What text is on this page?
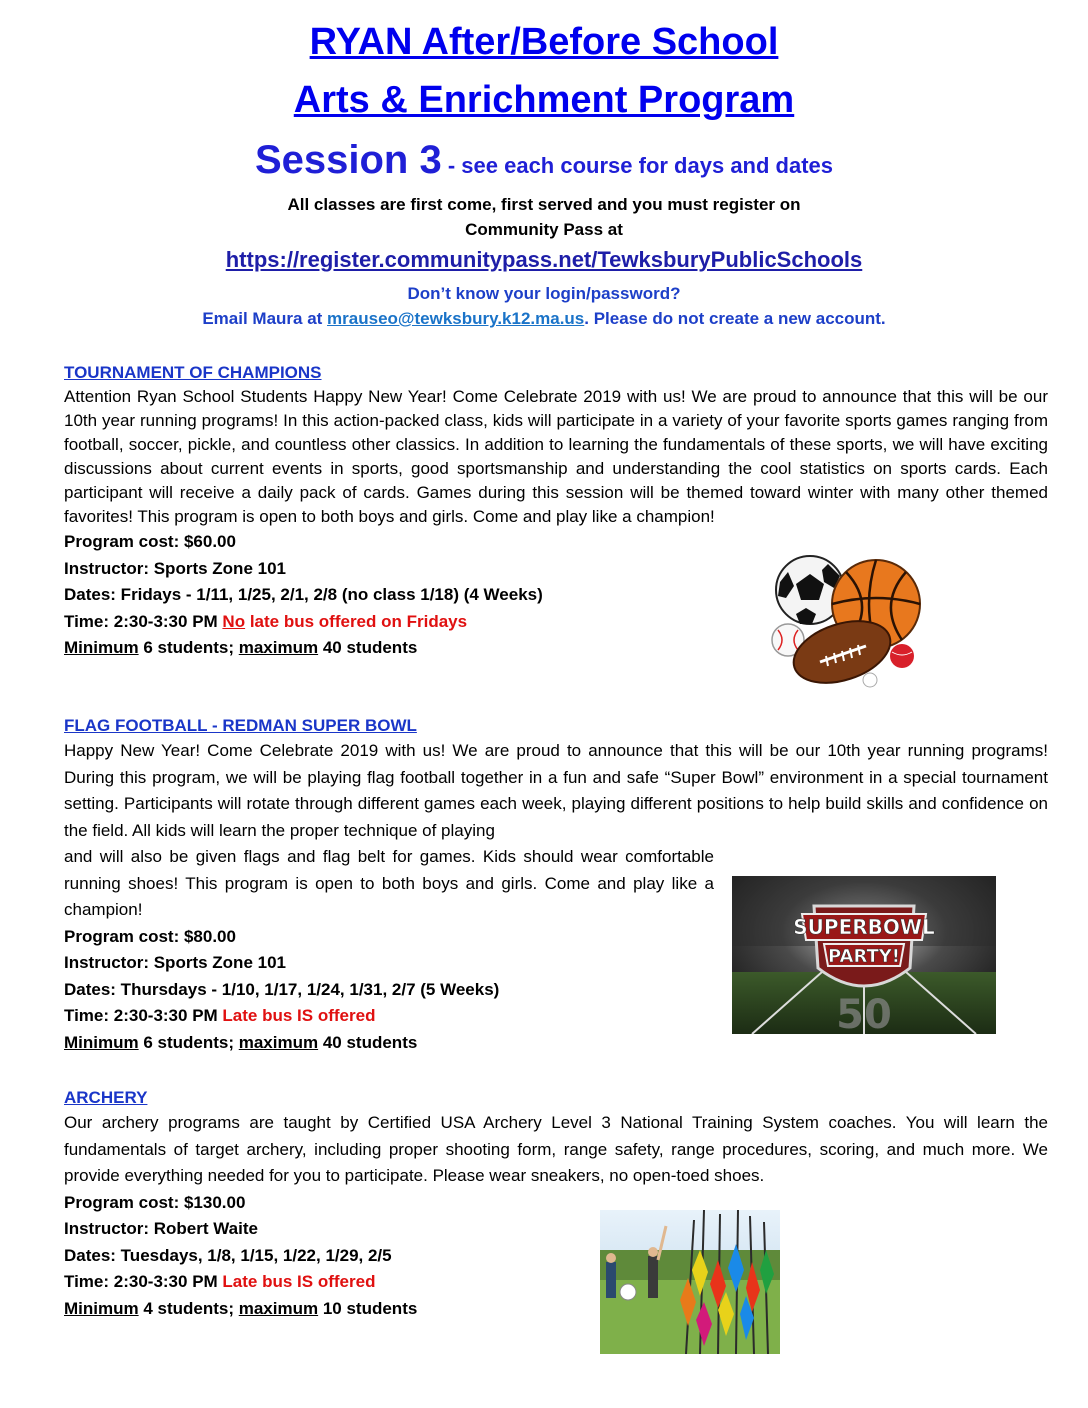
RYAN After/Before School
Arts & Enrichment Program
Session 3 - see each course for days and dates
All classes are first come, first served and you must register on
Community Pass at
https://register.communitypass.net/TewksburyPublicSchools
Don’t know your login/password?
Email Maura at mrauseo@tewksbury.k12.ma.us. Please do not create a new account.
TOURNAMENT OF CHAMPIONS
Attention Ryan School Students Happy New Year! Come Celebrate 2019 with us! We are proud to announce that this will be our 10th year running programs! In this action-packed class, kids will participate in a variety of your favorite sports games ranging from football, soccer, pickle, and countless other classics. In addition to learning the fundamentals of these sports, we will have exciting discussions about current events in sports, good sportsmanship and understanding the cool statistics on sports cards. Each participant will receive a daily pack of cards. Games during this session will be themed toward winter with many other themed favorites! This program is open to both boys and girls. Come and play like a champion!
Program cost: $60.00
Instructor: Sports Zone 101
Dates: Fridays - 1/11, 1/25, 2/1, 2/8 (no class 1/18) (4 Weeks)
Time: 2:30-3:30 PM No late bus offered on Fridays
Minimum 6 students; maximum 40 students
FLAG FOOTBALL - REDMAN SUPER BOWL
Happy New Year! Come Celebrate 2019 with us! We are proud to announce that this will be our 10th year running programs! During this program, we will be playing flag football together in a fun and safe “Super Bowl” environment in a special tournament setting. Participants will rotate through different games each week, playing different positions to help build skills and confidence on the field. All kids will learn the proper technique of playing
and will also be given flags and flag belt for games. Kids should wear comfortable running shoes! This program is open to both boys and girls. Come and play like a champion!
Program cost: $80.00
Instructor: Sports Zone 101
Dates: Thursdays - 1/10, 1/17, 1/24, 1/31, 2/7 (5 Weeks)
Time: 2:30-3:30 PM Late bus IS offered
Minimum 6 students; maximum 40 students
50
SUPERBOWL
PARTY!
ARCHERY
Our archery programs are taught by Certified USA Archery Level 3 National Training System coaches. You will learn the fundamentals of target archery, including proper shooting form, range safety, range procedures, scoring, and much more. We provide everything needed for you to participate. Please wear sneakers, no open-toed shoes.
Program cost: $130.00
Instructor: Robert Waite
Dates: Tuesdays, 1/8, 1/15, 1/22, 1/29, 2/5
Time: 2:30-3:30 PM Late bus IS offered
Minimum 4 students; maximum 10 students
